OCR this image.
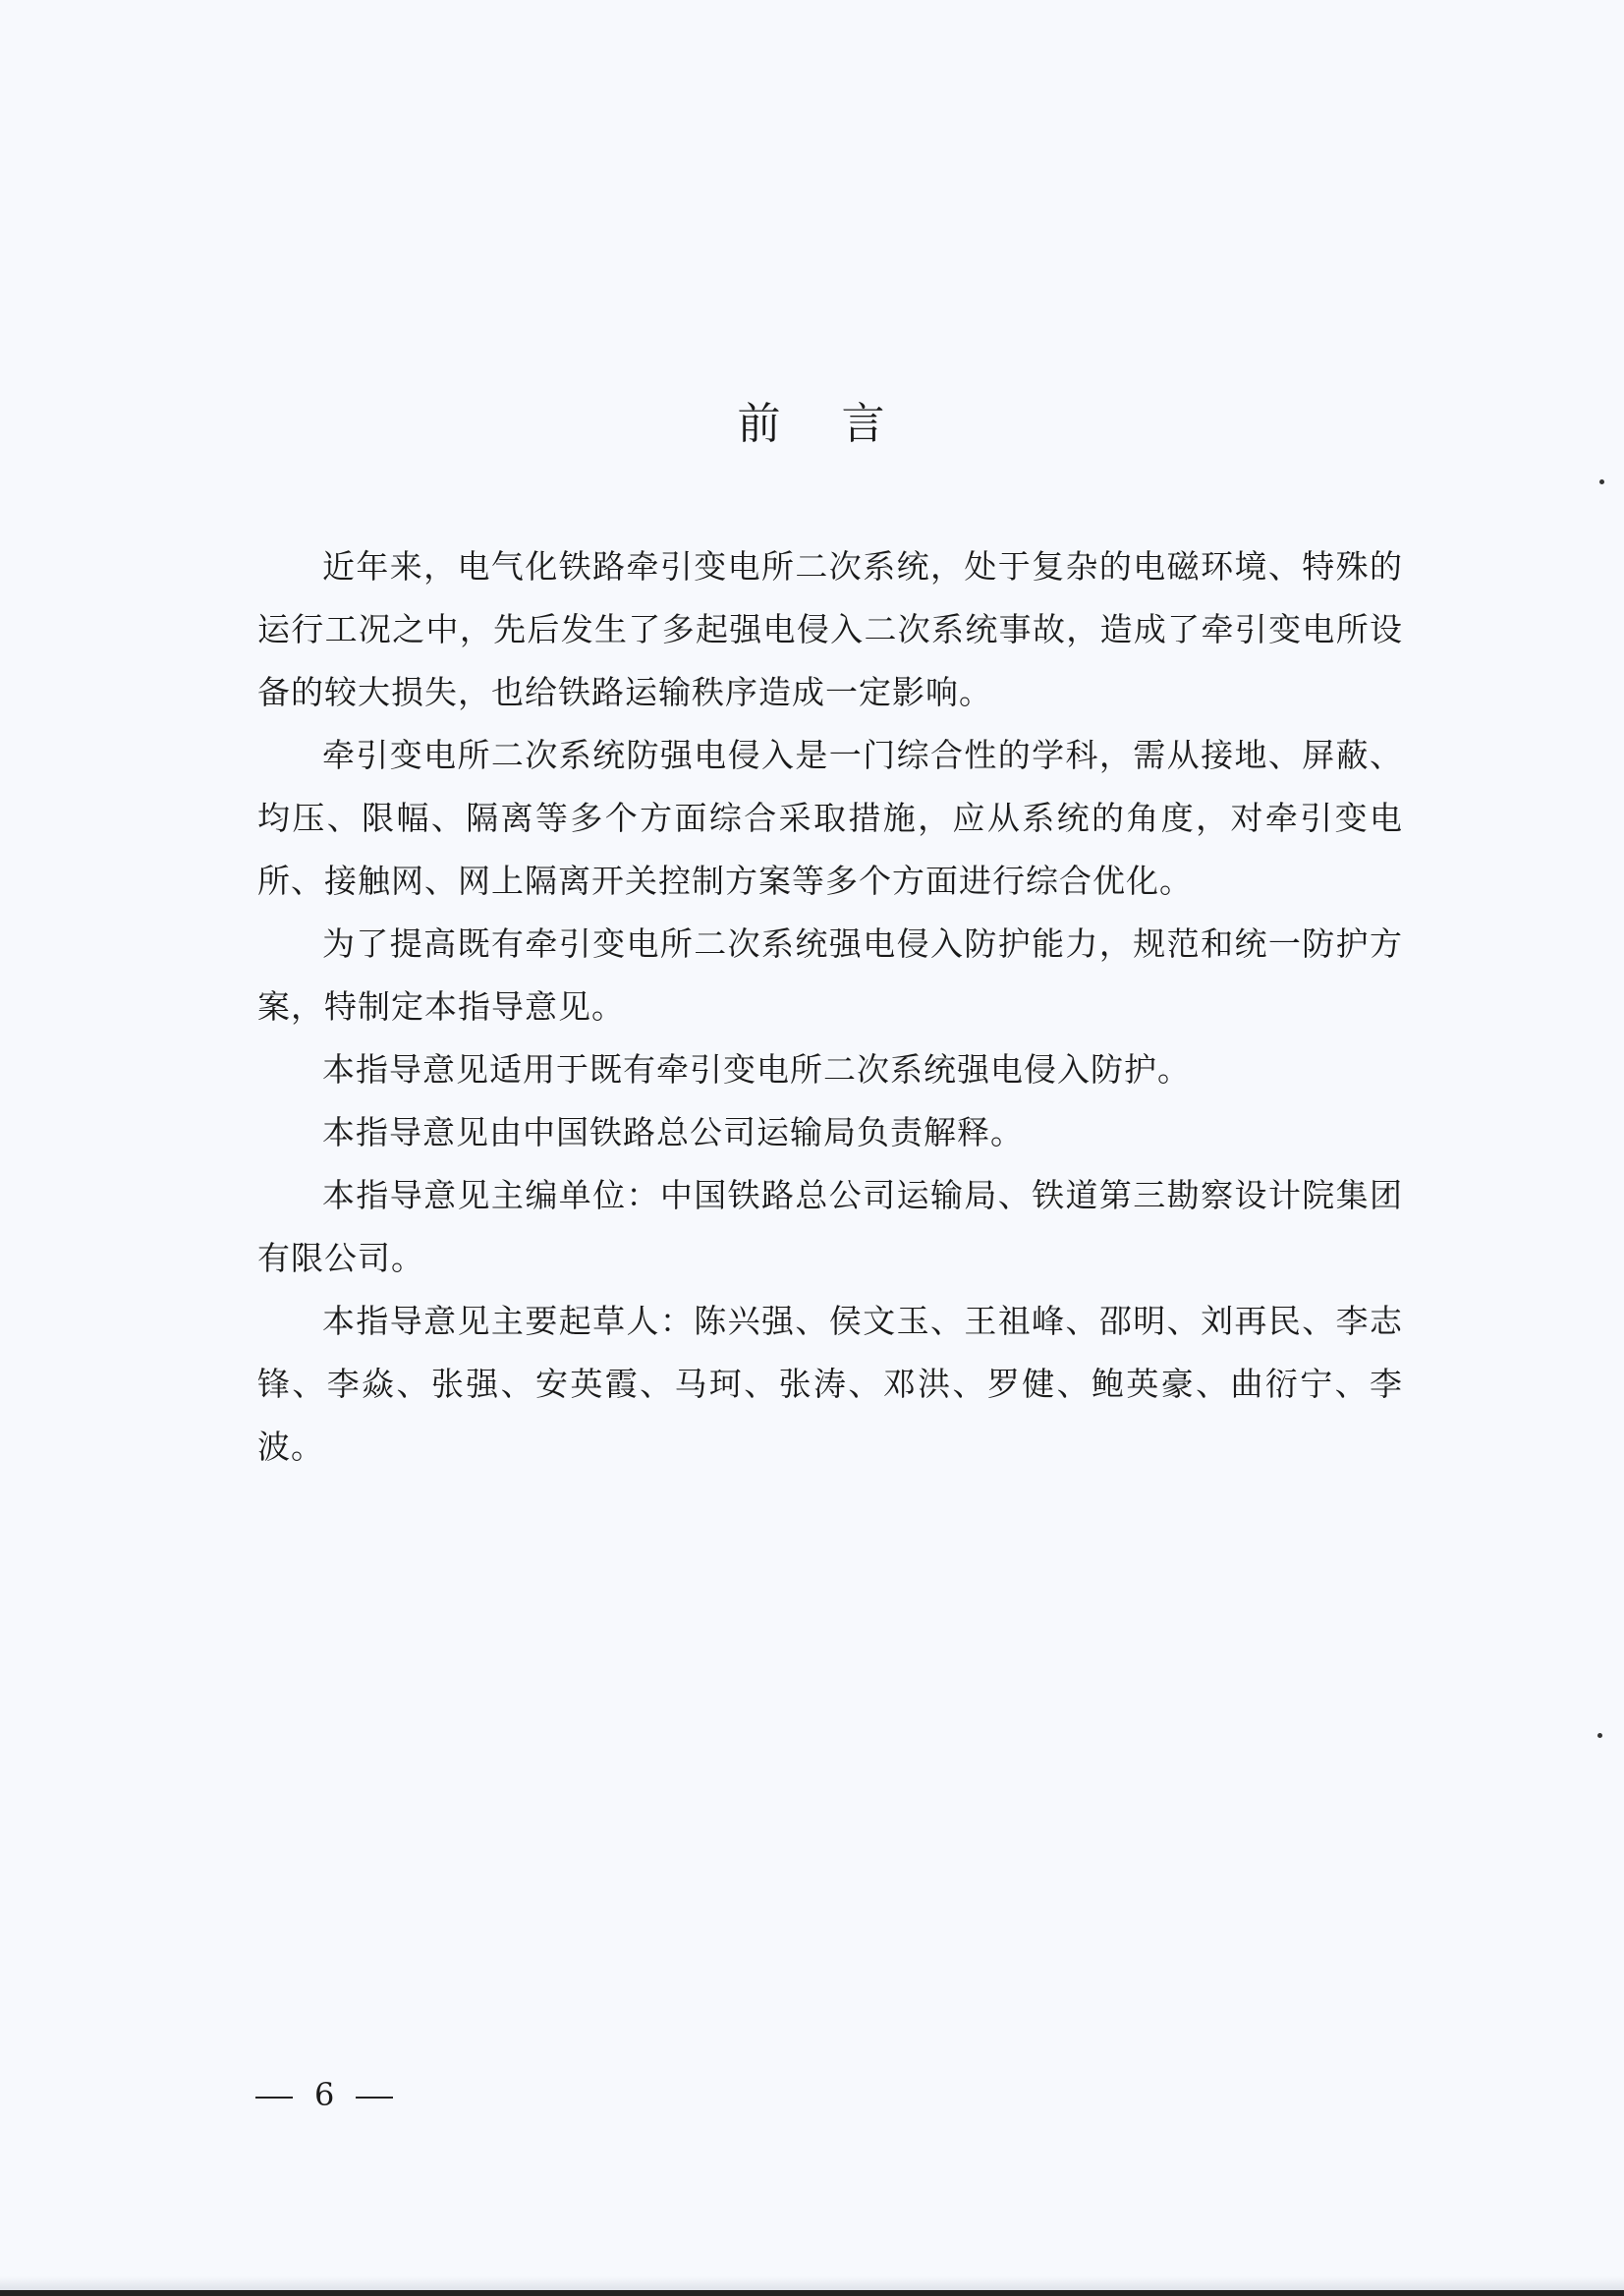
前 言

近年来，电气化铁路牵引变电所二次系统，处于复杂的电磁环境、特殊的运行工况之中，先后发生了多起强电侵入二次系统事故，造成了牵引变电所设备的较大损失，也给铁路运输秩序造成一定影响。

牵引变电所二次系统防强电侵入是一门综合性的学科，需从接地、屏蔽、均压、限幅、隔离等多个方面综合采取措施，应从系统的角度，对牵引变电所、接触网、网上隔离开关控制方案等多个方面进行综合优化。

为了提高既有牵引变电所二次系统强电侵入防护能力，规范和统一防护方案，特制定本指导意见。

本指导意见适用于既有牵引变电所二次系统强电侵入防护。

本指导意见由中国铁路总公司运输局负责解释。

本指导意见主编单位：中国铁路总公司运输局、铁道第三勘察设计院集团有限公司。

本指导意见主要起草人：陈兴强、侯文玉、王祖峰、邵明、刘再民、李志锋、李焱、张强、安英霞、马珂、张涛、邓洪、罗健、鲍英豪、曲衍宁、李波。

6
